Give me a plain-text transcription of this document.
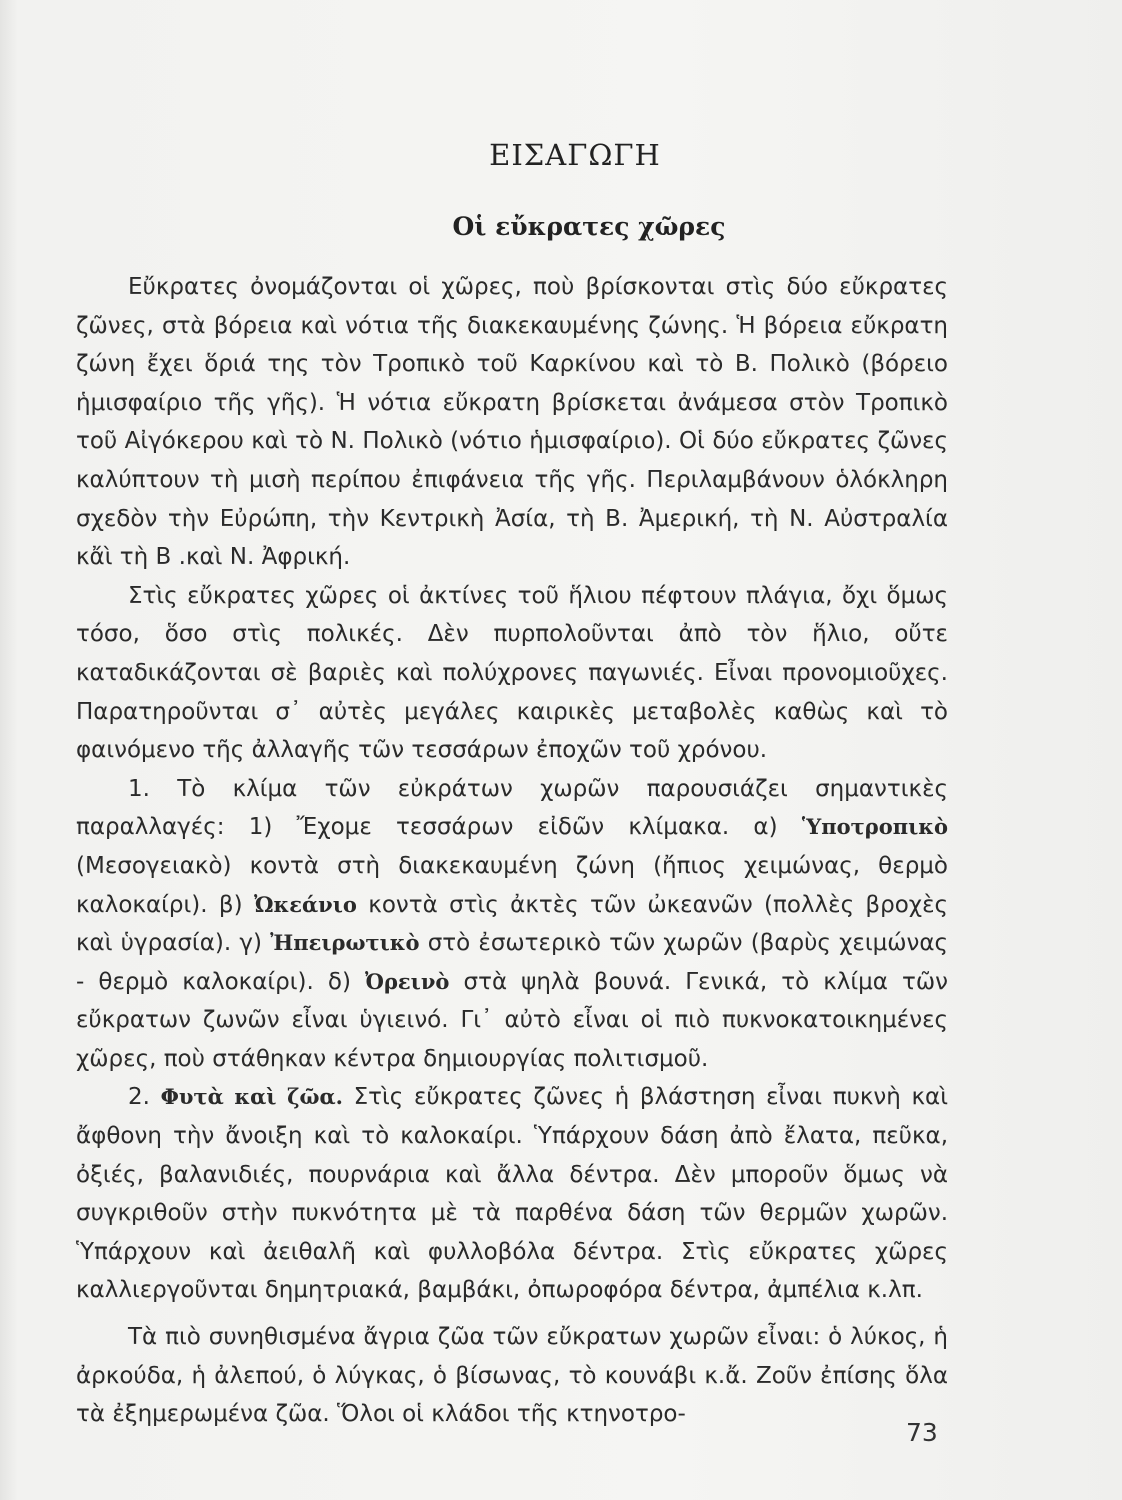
ΕΙΣΑΓΩΓΗ
Οἱ εὔκρατες χῶρες

Εὔκρατες ὀνομάζονται οἱ χῶρες, ποὺ βρίσκονται στὶς δύο εὔκρατες ζῶνες, στὰ βόρεια καὶ νότια τῆς διακεκαυμένης ζώνης. Ἡ βόρεια εὔκρατη ζώνη ἔχει ὅριά της τὸν Τροπικὸ τοῦ Καρκίνου καὶ τὸ Β. Πολικὸ (βόρειο ἡμισφαίριο τῆς γῆς). Ἡ νότια εὔκρατη βρίσκεται ἀνάμεσα στὸν Τροπικὸ τοῦ Αἰγόκερου καὶ τὸ Ν. Πολικὸ (νότιο ἡμισφαίριο). Οἱ δύο εὔκρατες ζῶνες καλύπτουν τὴ μισὴ περίπου ἐπιφάνεια τῆς γῆς. Περιλαμβάνουν ὁλόκληρη σχεδὸν τὴν Εὐρώπη, τὴν Κεντρικὴ Ἀσία, τὴ Β. Ἀμερική, τὴ Ν. Αὐστραλία κἄὶ τὴ Β .καὶ Ν. Ἀφρική.

Στὶς εὔκρατες χῶρες οἱ ἀκτίνες τοῦ ἥλιου πέφτουν πλάγια, ὄχι ὅμως τόσο, ὅσο στὶς πολικές. Δὲν πυρπολοῦνται ἀπὸ τὸν ἥλιο, οὔτε καταδικάζονται σὲ βαριὲς καὶ πολύχρονες παγωνιές. Εἶναι προνομιοῦχες. Παρατηροῦνται σ᾽ αὐτὲς μεγάλες καιρικὲς μεταβολὲς καθὼς καὶ τὸ φαινόμενο τῆς ἀλλαγῆς τῶν τεσσάρων ἐποχῶν τοῦ χρόνου.

1. Τὸ κλίμα τῶν εὐκράτων χωρῶν παρουσιάζει σημαντικὲς παραλλαγές: 1) Ἔχομε τεσσάρων εἰδῶν κλίμακα. α) Ὑποτροπικὸ (Μεσογειακὸ) κοντὰ στὴ διακεκαυμένη ζώνη (ἤπιος χειμώνας, θερμὸ καλοκαίρι). β) Ὠκεάνιο κοντὰ στὶς ἀκτὲς τῶν ὠκεανῶν (πολλὲς βροχὲς καὶ ὑγρασία). γ) Ἠπειρωτικὸ στὸ ἐσωτερικὸ τῶν χωρῶν (βαρὺς χειμώνας - θερμὸ καλοκαίρι). δ) Ὀρεινὸ στὰ ψηλὰ βουνά. Γενικά, τὸ κλίμα τῶν εὔκρατων ζωνῶν εἶναι ὑγιεινό. Γι᾽ αὐτὸ εἶναι οἱ πιὸ πυκνοκατοικημένες χῶρες, ποὺ στάθηκαν κέντρα δημιουργίας πολιτισμοῦ.

2. Φυτὰ καὶ ζῶα. Στὶς εὔκρατες ζῶνες ἡ βλάστηση εἶναι πυκνὴ καὶ ἄφθονη τὴν ἄνοιξη καὶ τὸ καλοκαίρι. Ὑπάρχουν δάση ἀπὸ ἔλατα, πεῦκα, ὀξιές, βαλανιδιές, πουρνάρια καὶ ἄλλα δέντρα. Δὲν μποροῦν ὅμως νὰ συγκριθοῦν στὴν πυκνότητα μὲ τὰ παρθένα δάση τῶν θερμῶν χωρῶν. Ὑπάρχουν καὶ ἀειθαλῆ καὶ φυλλοβόλα δέντρα. Στὶς εὔκρατες χῶρες καλλιεργοῦνται δημητριακά, βαμβάκι, ὀπωροφόρα δέντρα, ἀμπέλια κ.λπ.

Τὰ πιὸ συνηθισμένα ἄγρια ζῶα τῶν εὔκρατων χωρῶν εἶναι: ὁ λύκος, ἡ ἀρκούδα, ἡ ἀλεπού, ὁ λύγκας, ὁ βίσωνας, τὸ κουνάβι κ.ἄ. Ζοῦν ἐπίσης ὅλα τὰ ἐξημερωμένα ζῶα. Ὅλοι οἱ κλάδοι τῆς κτηνοτρο-

73
